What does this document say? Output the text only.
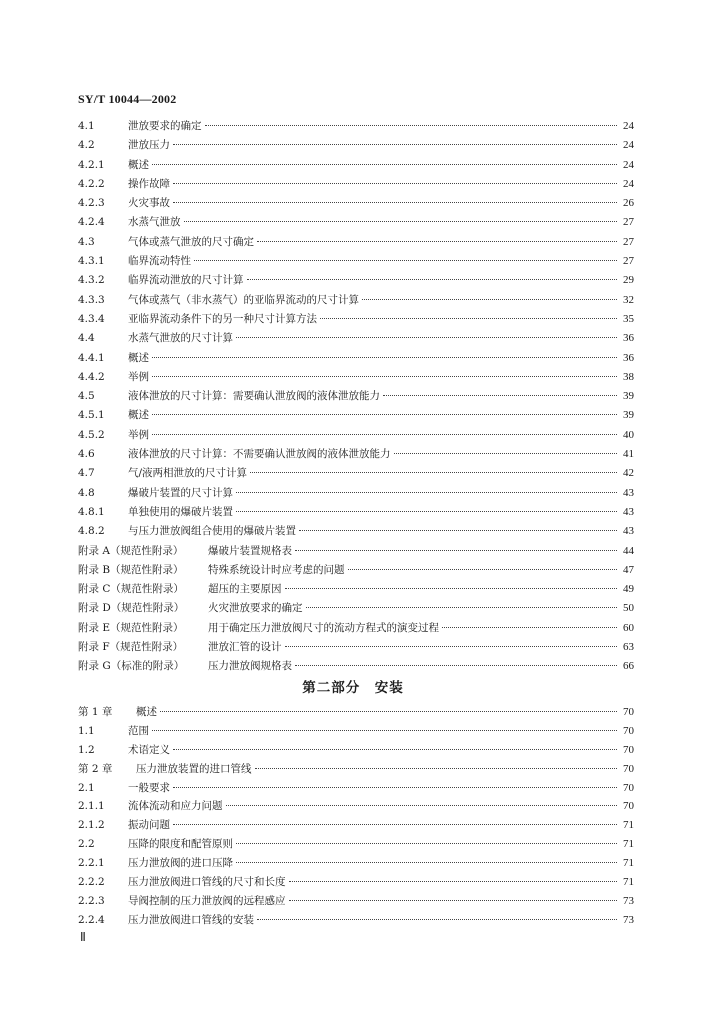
SY/T 10044—2002
4.1	泄放要求的确定	24
4.2	泄放压力	24
4.2.1	概述	24
4.2.2	操作故障	24
4.2.3	火灾事故	26
4.2.4	水蒸气泄放	27
4.3	气体或蒸气泄放的尺寸确定	27
4.3.1	临界流动特性	27
4.3.2	临界流动泄放的尺寸计算	29
4.3.3	气体或蒸气（非水蒸气）的亚临界流动的尺寸计算	32
4.3.4	亚临界流动条件下的另一种尺寸计算方法	35
4.4	水蒸气泄放的尺寸计算	36
4.4.1	概述	36
4.4.2	举例	38
4.5	液体泄放的尺寸计算：需要确认泄放阀的液体泄放能力	39
4.5.1	概述	39
4.5.2	举例	40
4.6	液体泄放的尺寸计算：不需要确认泄放阀的液体泄放能力	41
4.7	气/液两相泄放的尺寸计算	42
4.8	爆破片装置的尺寸计算	43
4.8.1	单独使用的爆破片装置	43
4.8.2	与压力泄放阀组合使用的爆破片装置	43
附录 A（规范性附录）	爆破片装置规格表	44
附录 B（规范性附录）	特殊系统设计时应考虑的问题	47
附录 C（规范性附录）	超压的主要原因	49
附录 D（规范性附录）	火灾泄放要求的确定	50
附录 E（规范性附录）	用于确定压力泄放阀尺寸的流动方程式的演变过程	60
附录 F（规范性附录）	泄放汇管的设计	63
附录 G（标准的附录）	压力泄放阀规格表	66
第二部分　安装
第 1 章	概述	70
1.1	范围	70
1.2	术语定义	70
第 2 章	压力泄放装置的进口管线	70
2.1	一般要求	70
2.1.1	流体流动和应力问题	70
2.1.2	振动问题	71
2.2	压降的限度和配管原则	71
2.2.1	压力泄放阀的进口压降	71
2.2.2	压力泄放阀进口管线的尺寸和长度	71
2.2.3	导阀控制的压力泄放阀的远程感应	73
2.2.4	压力泄放阀进口管线的安装	73
Ⅱ
